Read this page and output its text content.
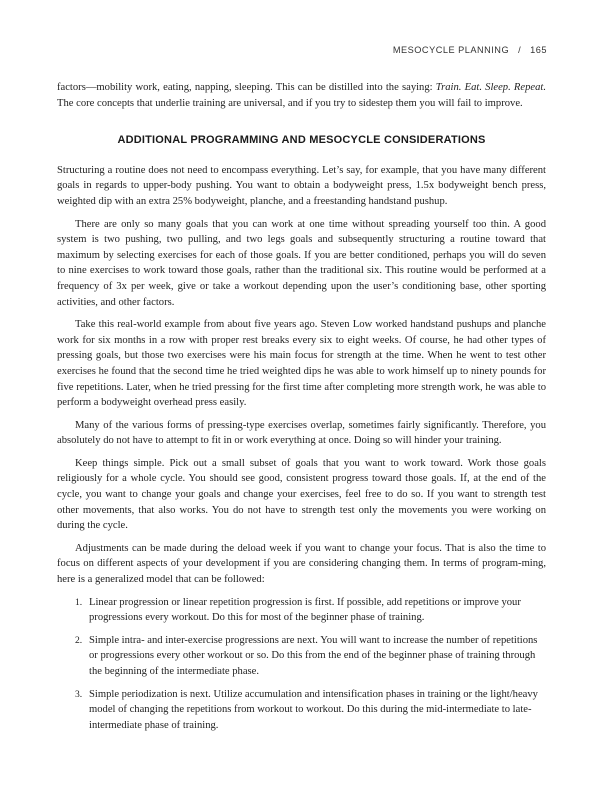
MESOCYCLE PLANNING / 165

factors—mobility work, eating, napping, sleeping. This can be distilled into the saying: Train. Eat. Sleep. Repeat. The core concepts that underlie training are universal, and if you try to sidestep them you will fail to improve.

ADDITIONAL PROGRAMMING AND MESOCYCLE CONSIDERATIONS

Structuring a routine does not need to encompass everything. Let’s say, for example, that you have many different goals in regards to upper-body pushing. You want to obtain a bodyweight press, 1.5x bodyweight bench press, weighted dip with an extra 25% bodyweight, planche, and a freestanding handstand pushup.

There are only so many goals that you can work at one time without spreading yourself too thin. A good system is two pushing, two pulling, and two legs goals and subsequently structuring a routine toward that maximum by selecting exercises for each of those goals. If you are better conditioned, perhaps you will do seven to nine exercises to work toward those goals, rather than the traditional six. This routine would be performed at a frequency of 3x per week, give or take a workout depending upon the user’s conditioning base, other sporting activities, and other factors.

Take this real-world example from about five years ago. Steven Low worked handstand pushups and planche work for six months in a row with proper rest breaks every six to eight weeks. Of course, he had other types of pressing goals, but those two exercises were his main focus for strength at the time. When he went to test other exercises he found that the second time he tried weighted dips he was able to work himself up to ninety pounds for five repetitions. Later, when he tried pressing for the first time after completing more strength work, he was able to perform a bodyweight overhead press easily.

Many of the various forms of pressing-type exercises overlap, sometimes fairly significantly. Therefore, you absolutely do not have to attempt to fit in or work everything at once. Doing so will hinder your training.

Keep things simple. Pick out a small subset of goals that you want to work toward. Work those goals religiously for a whole cycle. You should see good, consistent progress toward those goals. If, at the end of the cycle, you want to change your goals and change your exercises, feel free to do so. If you want to strength test other movements, that also works. You do not have to strength test only the movements you were working on during the cycle.

Adjustments can be made during the deload week if you want to change your focus. That is also the time to focus on different aspects of your development if you are considering changing them. In terms of program-ming, here is a generalized model that can be followed:

1. Linear progression or linear repetition progression is first. If possible, add repetitions or improve your progressions every workout. Do this for most of the beginner phase of training.
2. Simple intra- and inter-exercise progressions are next. You will want to increase the number of repetitions or progressions every other workout or so. Do this from the end of the beginner phase of training through the beginning of the intermediate phase.
3. Simple periodization is next. Utilize accumulation and intensification phases in training or the light/heavy model of changing the repetitions from workout to workout. Do this during the mid-intermediate to late-intermediate phase of training.
